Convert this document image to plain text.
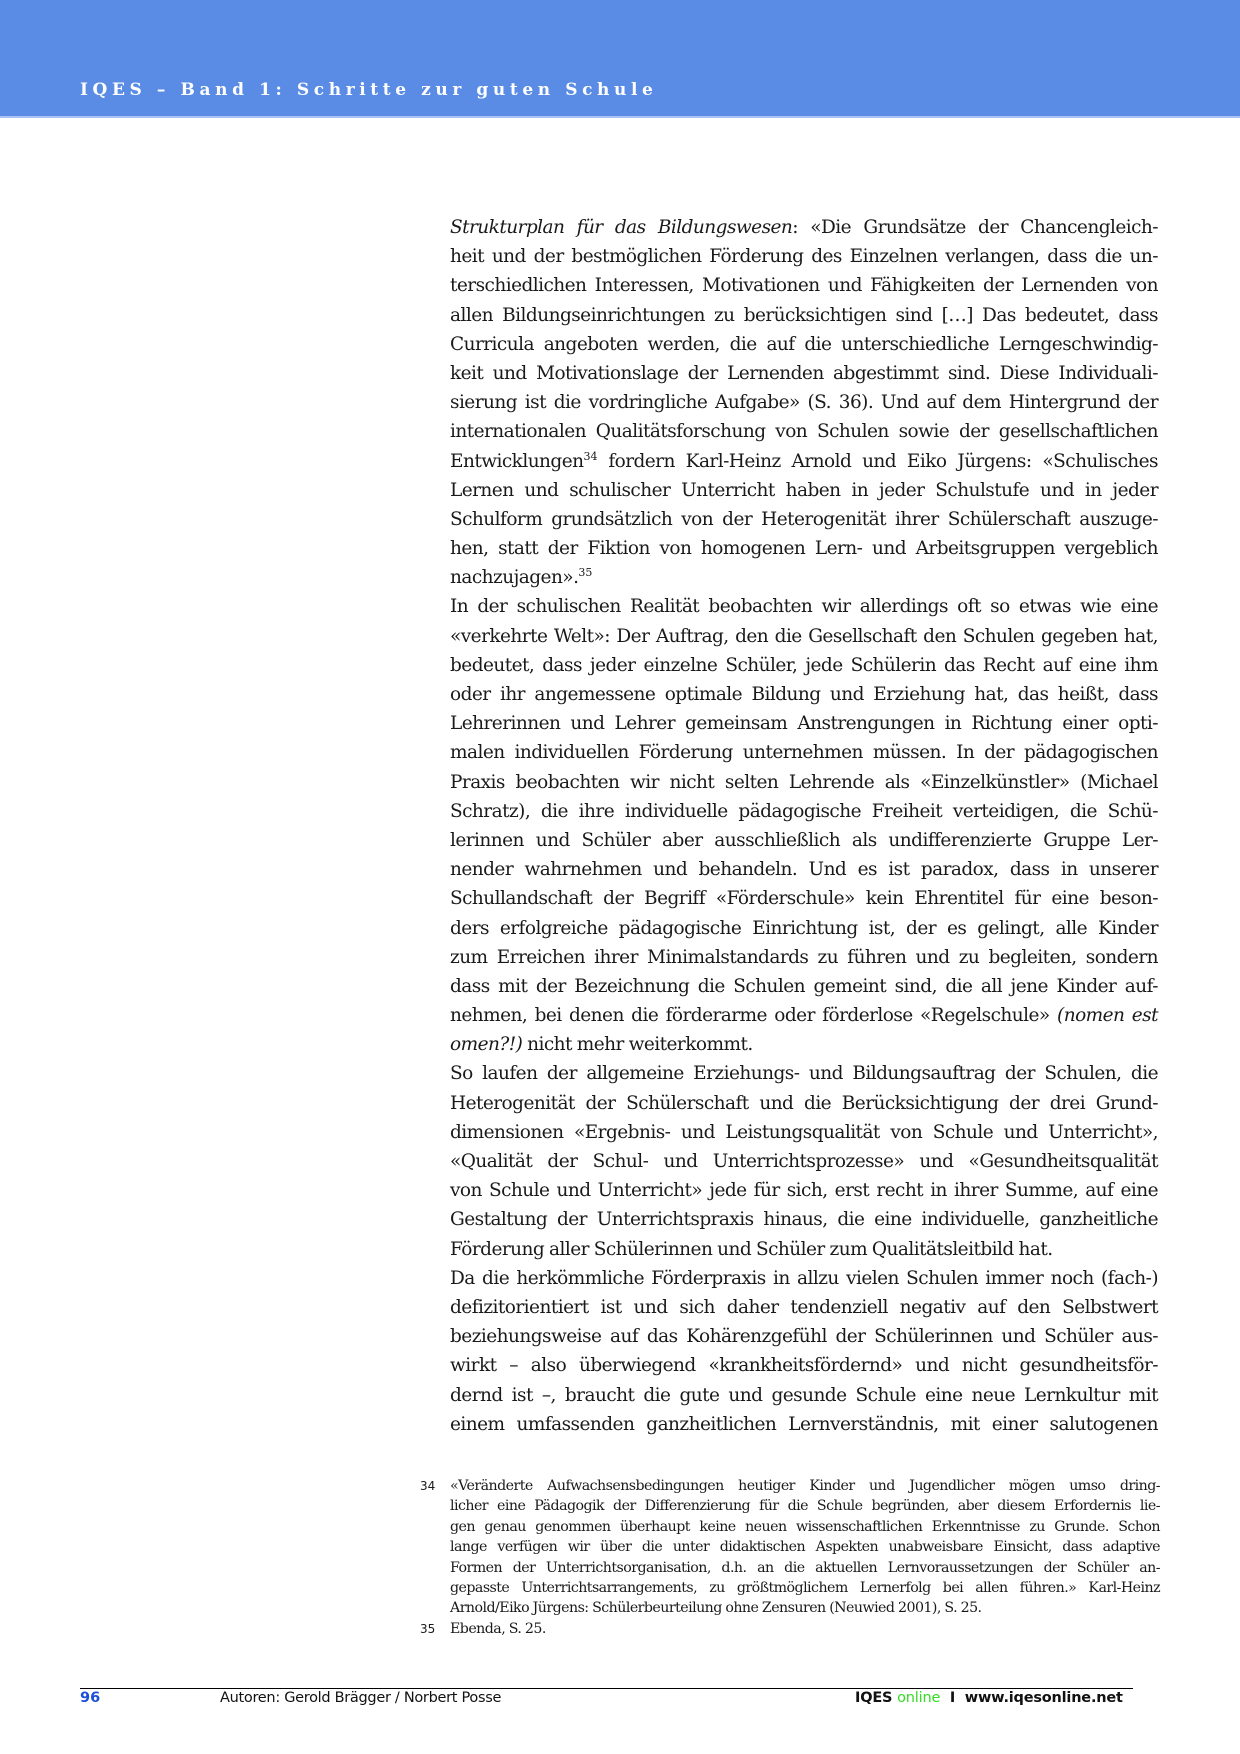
IQES – Band 1: Schritte zur guten Schule
Strukturplan für das Bildungswesen: «Die Grundsätze der Chancengleich-
heit und der bestmöglichen Förderung des Einzelnen verlangen, dass die un-
terschiedlichen Interessen, Motivationen und Fähigkeiten der Lernenden von
allen Bildungseinrichtungen zu berücksichtigen sind […] Das bedeutet, dass
Curricula angeboten werden, die auf die unterschiedliche Lerngeschwindig-
keit und Motivationslage der Lernenden abgestimmt sind. Diese Individuali-
sierung ist die vordringliche Aufgabe» (S. 36). Und auf dem Hintergrund der
internationalen Qualitätsforschung von Schulen sowie der gesellschaftlichen
Entwicklungen$^{34}$ fordern Karl-Heinz Arnold und Eiko Jürgens: «Schulisches
Lernen und schulischer Unterricht haben in jeder Schulstufe und in jeder
Schulform grundsätzlich von der Heterogenität ihrer Schülerschaft auszuge-
hen, statt der Fiktion von homogenen Lern- und Arbeitsgruppen vergeblich
nachzujagen».$^{35}$
In der schulischen Realität beobachten wir allerdings oft so etwas wie eine
«verkehrte Welt»: Der Auftrag, den die Gesellschaft den Schulen gegeben hat,
bedeutet, dass jeder einzelne Schüler, jede Schülerin das Recht auf eine ihm
oder ihr angemessene optimale Bildung und Erziehung hat, das heißt, dass
Lehrerinnen und Lehrer gemeinsam Anstrengungen in Richtung einer opti-
malen individuellen Förderung unternehmen müssen. In der pädagogischen
Praxis beobachten wir nicht selten Lehrende als «Einzelkünstler» (Michael
Schratz), die ihre individuelle pädagogische Freiheit verteidigen, die Schü-
lerinnen und Schüler aber ausschließlich als undifferenzierte Gruppe Ler-
nender wahrnehmen und behandeln. Und es ist paradox, dass in unserer
Schullandschaft der Begriff «Förderschule» kein Ehrentitel für eine beson-
ders erfolgreiche pädagogische Einrichtung ist, der es gelingt, alle Kinder
zum Erreichen ihrer Minimalstandards zu führen und zu begleiten, sondern
dass mit der Bezeichnung die Schulen gemeint sind, die all jene Kinder auf-
nehmen, bei denen die förderarme oder förderlose «Regelschule» (nomen est
omen?!) nicht mehr weiterkommt.
So laufen der allgemeine Erziehungs- und Bildungsauftrag der Schulen, die
Heterogenität der Schülerschaft und die Berücksichtigung der drei Grund-
dimensionen «Ergebnis- und Leistungsqualität von Schule und Unterricht»,
«Qualität der Schul- und Unterrichtsprozesse» und «Gesundheitsqualität
von Schule und Unterricht» jede für sich, erst recht in ihrer Summe, auf eine
Gestaltung der Unterrichtspraxis hinaus, die eine individuelle, ganzheitliche
Förderung aller Schülerinnen und Schüler zum Qualitätsleitbild hat.
Da die herkömmliche Förderpraxis in allzu vielen Schulen immer noch (fach-)
defizitorientiert ist und sich daher tendenziell negativ auf den Selbstwert
beziehungsweise auf das Kohärenzgefühl der Schülerinnen und Schüler aus-
wirkt – also überwiegend «krankheitsfördernd» und nicht gesundheitsför-
dernd ist –, braucht die gute und gesunde Schule eine neue Lernkultur mit
einem umfassenden ganzheitlichen Lernverständnis, mit einer salutogenen
34 «Veränderte Aufwachsensbedingungen heutiger Kinder und Jugendlicher mögen umso dring-
licher eine Pädagogik der Differenzierung für die Schule begründen, aber diesem Erfordernis lie-
gen genau genommen überhaupt keine neuen wissenschaftlichen Erkenntnisse zu Grunde. Schon
lange verfügen wir über die unter didaktischen Aspekten unabweisbare Einsicht, dass adaptive
Formen der Unterrichtsorganisation, d.h. an die aktuellen Lernvoraussetzungen der Schüler an-
gepasste Unterrichtsarrangements, zu größtmöglichem Lernerfolg bei allen führen.» Karl-Heinz
Arnold/Eiko Jürgens: Schülerbeurteilung ohne Zensuren (Neuwied 2001), S. 25.
35 Ebenda, S. 25.
96	Autoren: Gerold Brägger / Norbert Posse	IQES online I www.iqesonline.net
